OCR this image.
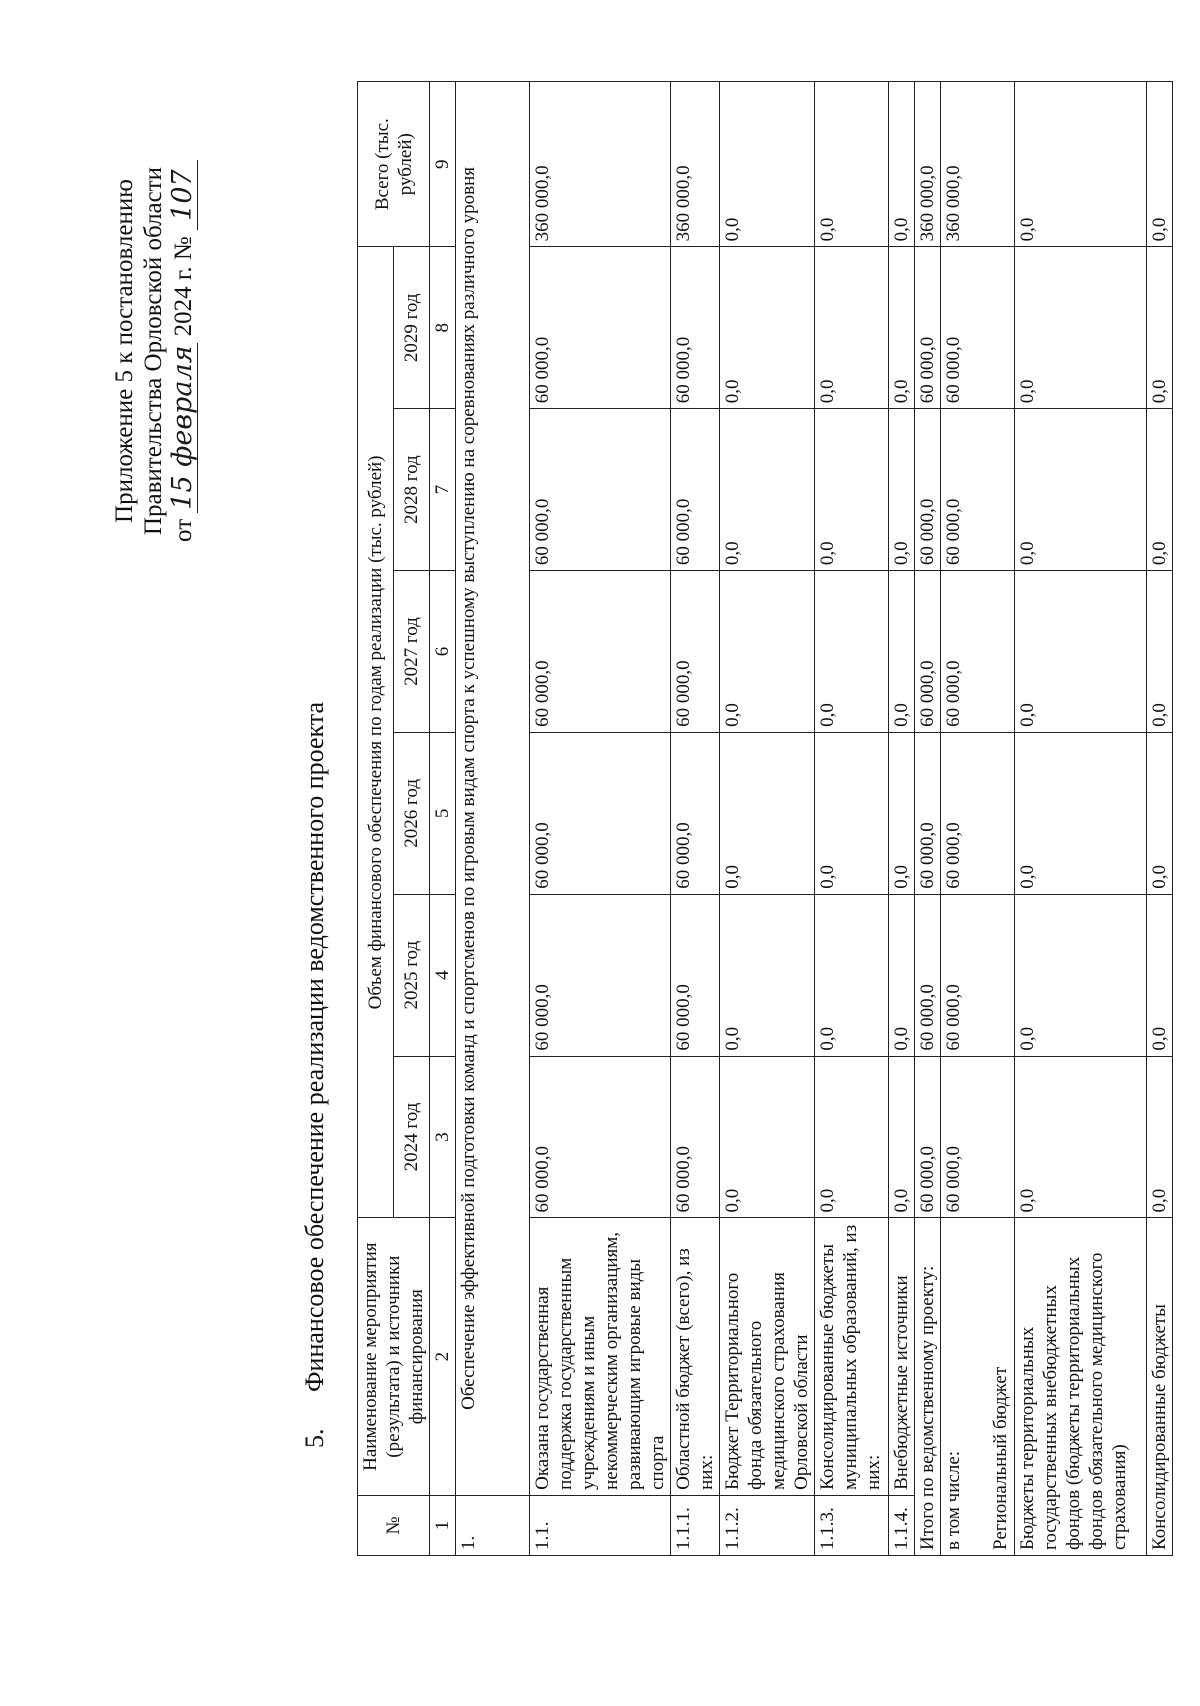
Приложение 5 к постановлению Правительства Орловской области от 15 февраля 2024 г. № 107
5. Финансовое обеспечение реализации ведомственного проекта
№	Наименование мероприятия (результата) и источники финансирования	Объем финансового обеспечения по годам реализации (тыс. рублей)						Всего (тыс. рублей)
		2024 год	2025 год	2026 год	2027 год	2028 год	2029 год	
1	2	3	4	5	6	7	8	9
1.	Обеспечение эффективной подготовки команд и спортсменов по игровым видам спорта к успешному выступлению на соревнованиях различного уровня							
1.1.	Оказана государственная поддержка государственным учреждениям и иным некоммерческим организациям, развивающим игровые виды спорта	60 000,0	60 000,0	60 000,0	60 000,0	60 000,0	60 000,0	360 000,0
1.1.1.	Областной бюджет (всего), из них:	60 000,0	60 000,0	60 000,0	60 000,0	60 000,0	60 000,0	360 000,0
1.1.2.	Бюджет Территориального фонда обязательного медицинского страхования Орловской области	0,0	0,0	0,0	0,0	0,0	0,0	0,0
1.1.3.	Консолидированные бюджеты муниципальных образований, из них:	0,0	0,0	0,0	0,0	0,0	0,0	0,0
1.1.4.	Внебюджетные источники	0,0	0,0	0,0	0,0	0,0	0,0	0,0

Итого по ведомственному проекту:		60 000,0	60 000,0	60 000,0	60 000,0	60 000,0	60 000,0	360 000,0

в том числе: Региональный бюджет		60 000,0	60 000,0	60 000,0	60 000,0	60 000,0	60 000,0	360 000,0

Бюджеты территориальных государственных внебюджетных фондов (бюджеты территориальных фондов обязательного медицинского страхования)		0,0	0,0	0,0	0,0	0,0	0,0	0,0

Консолидированные бюджеты		0,0	0,0	0,0	0,0	0,0	0,0	0,0
